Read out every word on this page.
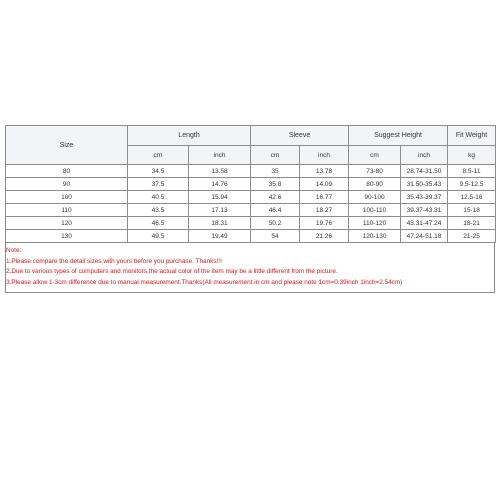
Size	Length		Sleeve		Suggest Height		Fit Weight
	cm	inch	cm	inch	cm	inch	kg
80	34.5	13.58	35	13.78	73-80	28.74-31.50	8.5-11
90	37.5	14.76	35.8	14.09	80-90	31.50-35.43	9.5-12.5
100	40.5	15.94	42.6	16.77	90-100	35.43-39.37	12.5-16
110	43.5	17.13	46.4	18.27	100-110	39.37-43.31	15-18
120	46.5	18.31	50.2	19.76	110-120	43.31-47.24	18-21
130	49.5	19.49	54	21.26	120-130	47.24-51.18	21-25

Note:

1.Please compare the detail sizes with yours before you purchase. Thanks!!!

2.Due to various types of computers and monitors,the actual color of the item may be a little different from the picture.

3.Please allow 1-3cm difference due to manual measurement.Thanks(All measurement in cm and please note 1cm=0.39inch 1inch=2.54cm)
